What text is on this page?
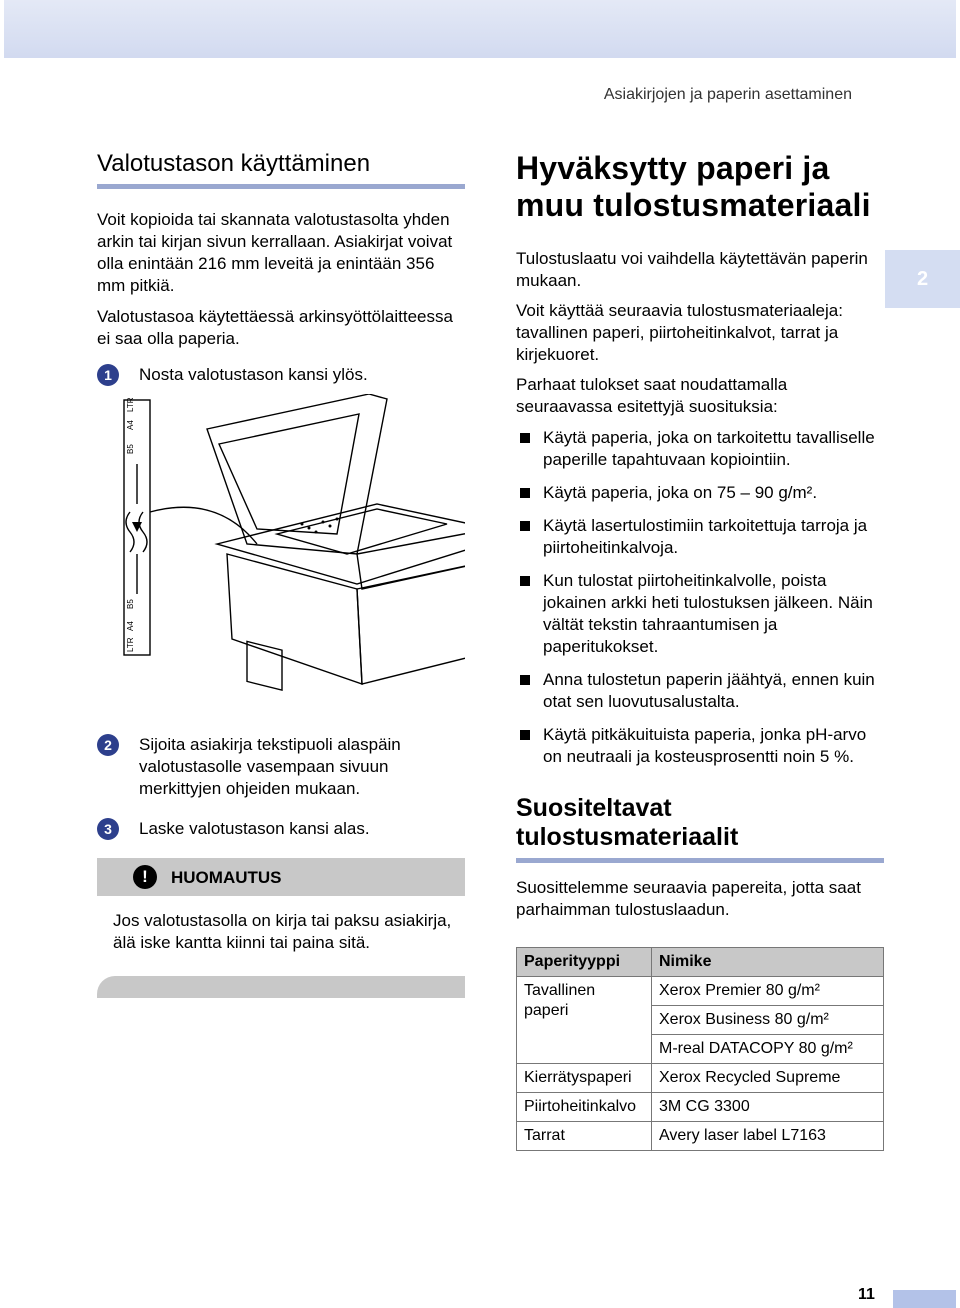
Asiakirjojen ja paperin asettaminen
2
Valotustason käyttäminen

Voit kopioida tai skannata valotustasolta yhden arkin tai kirjan sivun kerrallaan. Asiakirjat voivat olla enintään 216 mm leveitä ja enintään 356 mm pitkiä.

Valotustasoa käytettäessä arkinsyöttölaitteessa ei saa olla paperia.

1	Nosta valotustason kansi ylös.

B5
A4
LTR
LTR
A4
B5
2	Sijoita asiakirja tekstipuoli alaspäin valotustasolle vasempaan sivuun merkittyjen ohjeiden mukaan.

3	Laske valotustason kansi alas.

!	HUOMAUTUS

Jos valotustasolla on kirja tai paksu asiakirja, älä iske kantta kiinni tai paina sitä.

Hyväksytty paperi ja muu tulostusmateriaali

Tulostuslaatu voi vaihdella käytettävän paperin mukaan.

Voit käyttää seuraavia tulostusmateriaaleja: tavallinen paperi, piirtoheitinkalvot, tarrat ja kirjekuoret.

Parhaat tulokset saat noudattamalla seuraavassa esitettyjä suosituksia:

Käytä paperia, joka on tarkoitettu tavalliselle paperille tapahtuvaan kopiointiin.
Käytä paperia, joka on 75 – 90 g/m².
Käytä lasertulostimiin tarkoitettuja tarroja ja piirtoheitinkalvoja.
Kun tulostat piirtoheitinkalvolle, poista jokainen arkki heti tulostuksen jälkeen. Näin vältät tekstin tahraantumisen ja paperitukokset.
Anna tulostetun paperin jäähtyä, ennen kuin otat sen luovutusalustalta.
Käytä pitkäkuituista paperia, jonka pH-arvo on neutraali ja kosteusprosentti noin 5 %.
Suositeltavat tulostusmateriaalit

Suosittelemme seuraavia papereita, jotta saat parhaimman tulostuslaadun.

Paperityyppi	Nimike
Tavallinen paperi	Xerox Premier 80 g/m²
	Xerox Business 80 g/m²
	M-real DATACOPY 80 g/m²
Kierrätyspaperi	Xerox Recycled Supreme
Piirtoheitinkalvo	3M CG 3300
Tarrat	Avery laser label L7163
11
